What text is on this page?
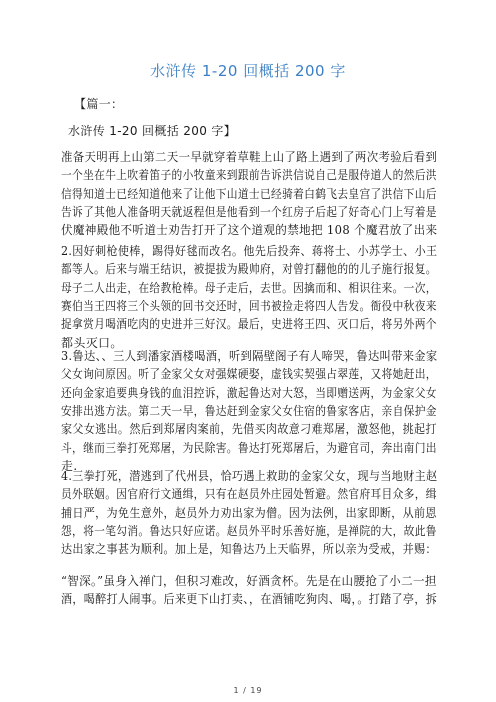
水浒传 1-20 回概括 200 字
【篇一：
水浒传 1-20 回概括 200 字】
准备天明再上山第二天一早就穿着草鞋上山了路上遇到了两次考验后看到
一个坐在牛上吹着笛子的小牧童来到跟前告诉洪信说自己是服侍道人的然后洪
信得知道士已经知道他来了让他下山道士已经骑着白鹤飞去皇宫了洪信下山后
告诉了其他人准备明天就返程但是他看到一个红房子后起了好奇心门上写着是
伏魔神殿他不听道士劝告打开了这个道观的禁地把 108 个魔君放了出来
2.因好刺枪使棒，踢得好毬而改名。他先后投奔、蒋将士、小苏学士、小王
都等人。后来与端王结识，被提拔为殿帅府，对曾打翻他的的儿子施行报复。
母子二人出走，在给教枪棒。母子走后，去世。因擒而和、相识往来。一次，
赛伯当王四将三个头领的回书交还时，回书被捡走将四人告发。衙役中秋夜来
捉拿赏月喝酒吃肉的史进并三好汉。最后，史进将王四、灭口后，将另外两个
都头灭口。
3.鲁达、、三人到潘家酒楼喝酒，听到隔壁阁子有人啼哭，鲁达叫带来金家
父女询问原因。听了金家父女对强媒硬娶，虚钱实契强占翠莲，又将她赶出，
还向金家追要典身钱的血泪控诉，激起鲁达对大怒，当即赠送两，为金家父女
安排出逃方法。第二天一早，鲁达赶到金家父女住宿的鲁家客店，亲自保护金
家父女逃出。然后到郑屠肉案前，先借买肉故意刁难郑屠，激怒他，挑起打
斗，继而三拳打死郑屠，为民除害。鲁达打死郑屠后，为避官司，奔出南门出
走.
4.三拳打死，潜逃到了代州县，恰巧遇上救助的金家父女，现与当地财主赵
员外联姻。因官府行文通缉，只有在赵员外庄园处暂避。然官府耳目众多，缉
捕日严，为免生意外，赵员外力劝出家为僧。因为法例，出家即断，从前恩
怨，将一笔勾消。鲁达只好应诺。赵员外平时乐善好施，是禅院的大，故此鲁
达出家之事甚为顺利。加上是，知鲁达乃上天临界，所以亲为受戒，并赐：
“智深。”虽身入禅门，但积习难改，好酒贪杯。先是在山腰抢了小二一担
酒，喝醉打人闹事。后来更下山打卖、，在酒铺吃狗肉、喝，。打踏了亭，拆
1 / 19
